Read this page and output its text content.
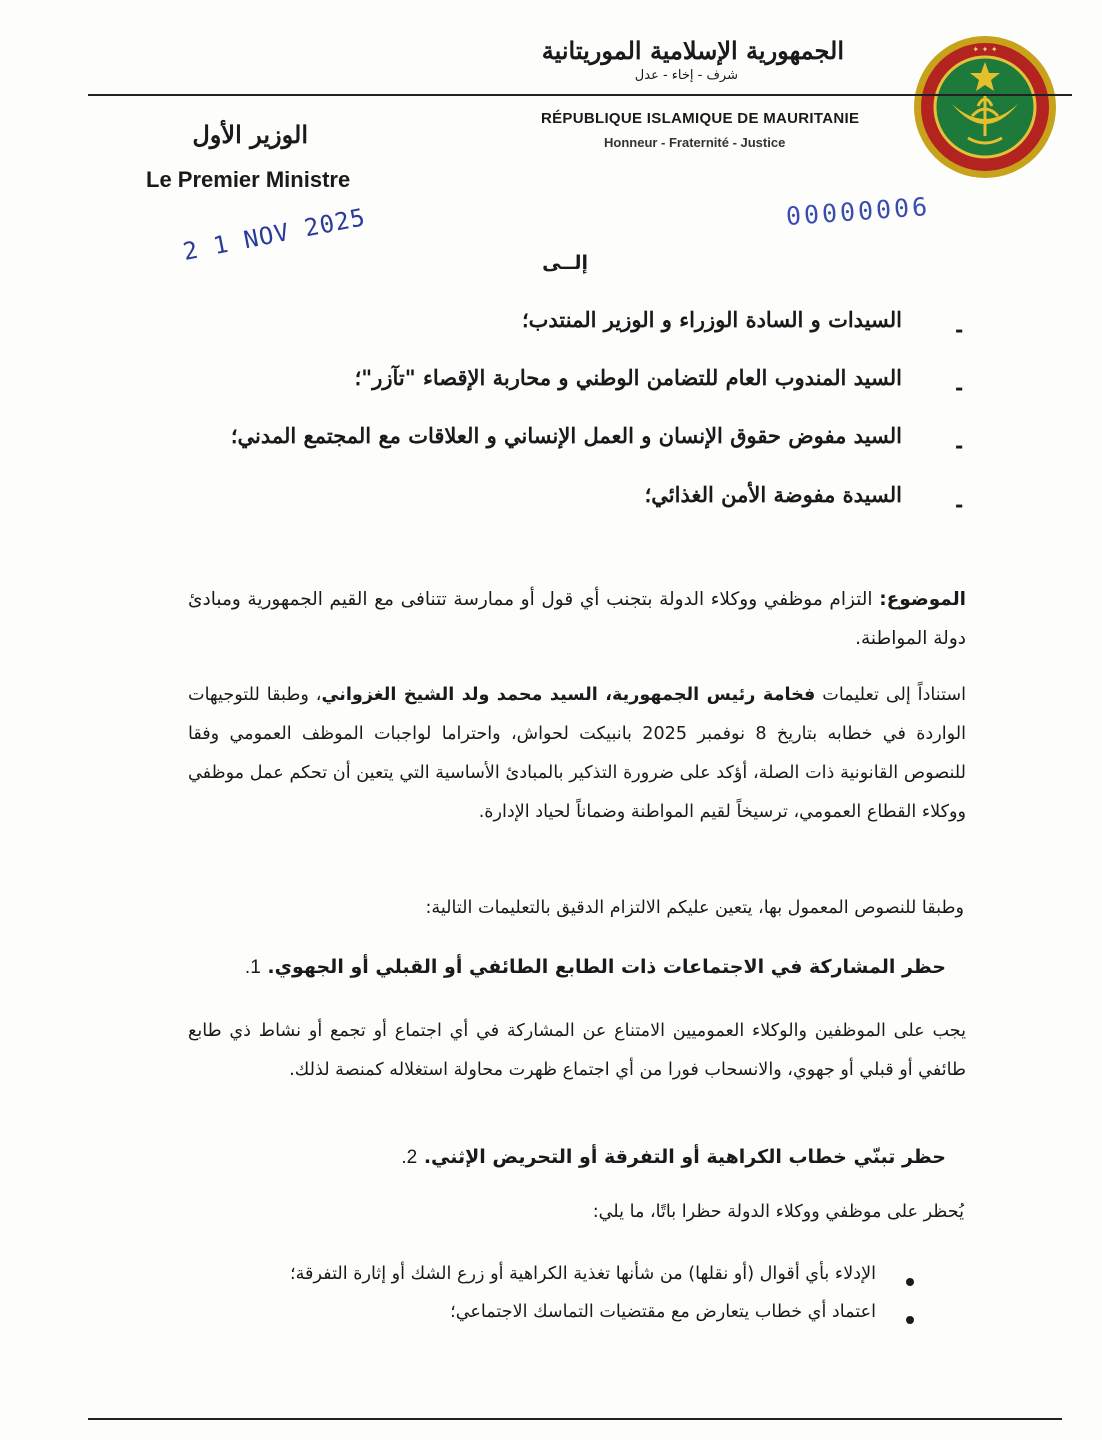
✦ ✦ ✦
الجمهورية الإسلامية الموريتانية
شرف - إخاء - عدل
RÉPUBLIQUE ISLAMIQUE DE MAURITANIE
Honneur - Fraternité - Justice
الوزير الأول
Le Premier Ministre
2 1 NOV 2025	00000006
إلــى
-
السيدات و السادة الوزراء و الوزير المنتدب؛
-
السيد المندوب العام للتضامن الوطني و محاربة الإقصاء "تآزر"؛
-
السيد مفوض حقوق الإنسان و العمل الإنساني و العلاقات مع المجتمع المدني؛
-
السيدة مفوضة الأمن الغذائي؛
الموضوع: التزام موظفي ووكلاء الدولة بتجنب أي قول أو ممارسة تتنافى مع القيم الجمهورية ومبادئ دولة المواطنة.
استناداً إلى تعليمات فخامة رئيس الجمهورية، السيد محمد ولد الشيخ الغزواني، وطبقا للتوجيهات الواردة في خطابه بتاريخ 8 نوفمبر 2025 بانبيكت لحواش، واحتراما لواجبات الموظف العمومي وفقا للنصوص القانونية ذات الصلة، أؤكد على ضرورة التذكير بالمبادئ الأساسية التي يتعين أن تحكم عمل موظفي ووكلاء القطاع العمومي، ترسيخاً لقيم المواطنة وضماناً لحياد الإدارة.
وطبقا للنصوص المعمول بها، يتعين عليكم الالتزام الدقيق بالتعليمات التالية:
حظر المشاركة في الاجتماعات ذات الطابع الطائفي أو القبلي أو الجهوي. 1.
يجب على الموظفين والوكلاء العموميين الامتناع عن المشاركة في أي اجتماع أو تجمع أو نشاط ذي طابع طائفي أو قبلي أو جهوي، والانسحاب فورا من أي اجتماع ظهرت محاولة استغلاله كمنصة لذلك.
حظر تبنّي خطاب الكراهية أو التفرقة أو التحريض الإثني. 2.
يُحظر على موظفي ووكلاء الدولة حظرا باتًا، ما يلي:
الإدلاء بأي أقوال (أو نقلها) من شأنها تغذية الكراهية أو زرع الشك أو إثارة التفرقة؛
اعتماد أي خطاب يتعارض مع مقتضيات التماسك الاجتماعي؛
